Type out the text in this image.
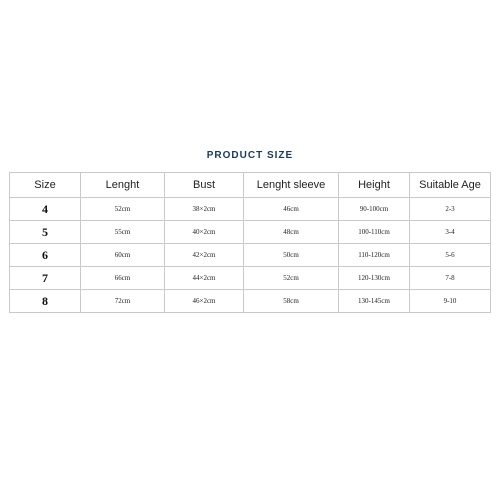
PRODUCT SIZE
Size	Lenght	Bust	Lenght sleeve	Height	Suitable Age
4	52cm	38×2cm	46cm	90-100cm	2-3
5	55cm	40×2cm	48cm	100-110cm	3-4
6	60cm	42×2cm	50cm	110-120cm	5-6
7	66cm	44×2cm	52cm	120-130cm	7-8
8	72cm	46×2cm	58cm	130-145cm	9-10
